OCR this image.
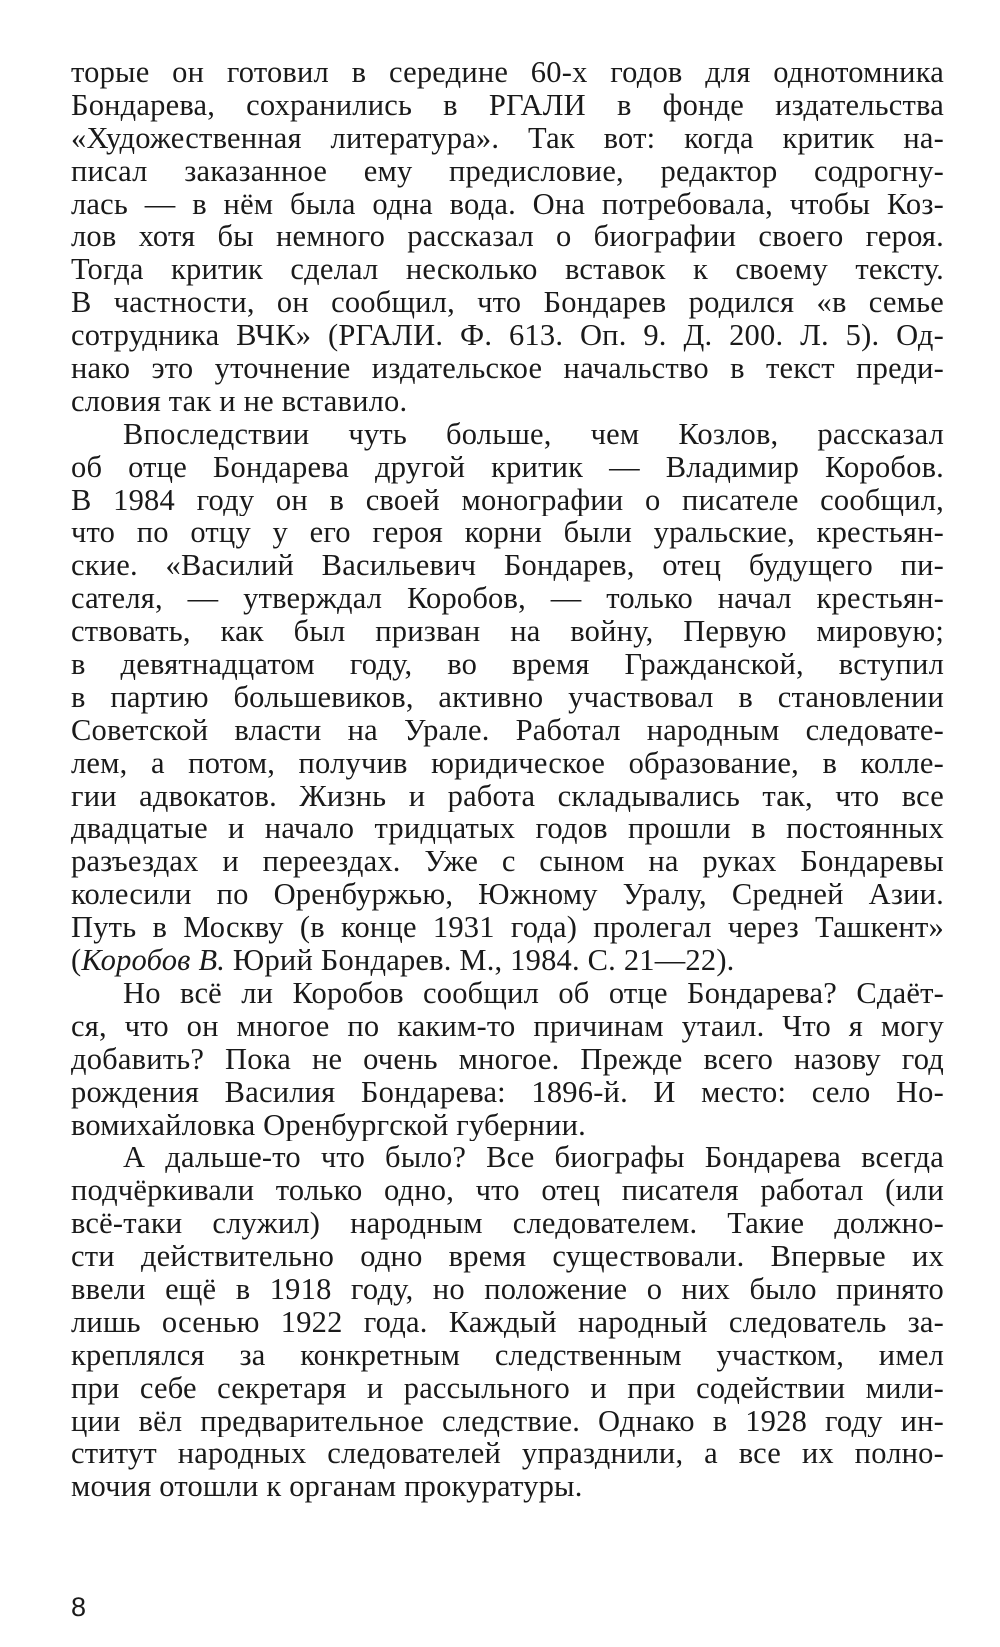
торые он готовил в середине 60-х годов для однотомника
Бондарева, сохранились в РГАЛИ в фонде издательства
«Художественная литература». Так вот: когда критик на-
писал заказанное ему предисловие, редактор содрогну-
лась — в нём была одна вода. Она потребовала, чтобы Коз-
лов хотя бы немного рассказал о биографии своего героя.
Тогда критик сделал несколько вставок к своему тексту.
В частности, он сообщил, что Бондарев родился «в семье
сотрудника ВЧК» (РГАЛИ. Ф. 613. Оп. 9. Д. 200. Л. 5). Од-
нако это уточнение издательское начальство в текст преди-
словия так и не вставило.
Впоследствии чуть больше, чем Козлов, рассказал
об отце Бондарева другой критик — Владимир Коробов.
В 1984 году он в своей монографии о писателе сообщил,
что по отцу у его героя корни были уральские, крестьян-
ские. «Василий Васильевич Бондарев, отец будущего пи-
сателя, — утверждал Коробов, — только начал крестьян-
ствовать, как был призван на войну, Первую мировую;
в девятнадцатом году, во время Гражданской, вступил
в партию большевиков, активно участвовал в становлении
Советской власти на Урале. Работал народным следовате-
лем, а потом, получив юридическое образование, в колле-
гии адвокатов. Жизнь и работа складывались так, что все
двадцатые и начало тридцатых годов прошли в постоянных
разъездах и переездах. Уже с сыном на руках Бондаревы
колесили по Оренбуржью, Южному Уралу, Средней Азии.
Путь в Москву (в конце 1931 года) пролегал через Ташкент»
(Коробов В. Юрий Бондарев. М., 1984. С. 21—22).
Но всё ли Коробов сообщил об отце Бондарева? Сдаёт-
ся, что он многое по каким-то причинам утаил. Что я могу
добавить? Пока не очень многое. Прежде всего назову год
рождения Василия Бондарева: 1896-й. И место: село Но-
вомихайловка Оренбургской губернии.
А дальше-то что было? Все биографы Бондарева всегда
подчёркивали только одно, что отец писателя работал (или
всё-таки служил) народным следователем. Такие должно-
сти действительно одно время существовали. Впервые их
ввели ещё в 1918 году, но положение о них было принято
лишь осенью 1922 года. Каждый народный следователь за-
креплялся за конкретным следственным участком, имел
при себе секретаря и рассыльного и при содействии мили-
ции вёл предварительное следствие. Однако в 1928 году ин-
ститут народных следователей упразднили, а все их полно-
мочия отошли к органам прокуратуры.
8
